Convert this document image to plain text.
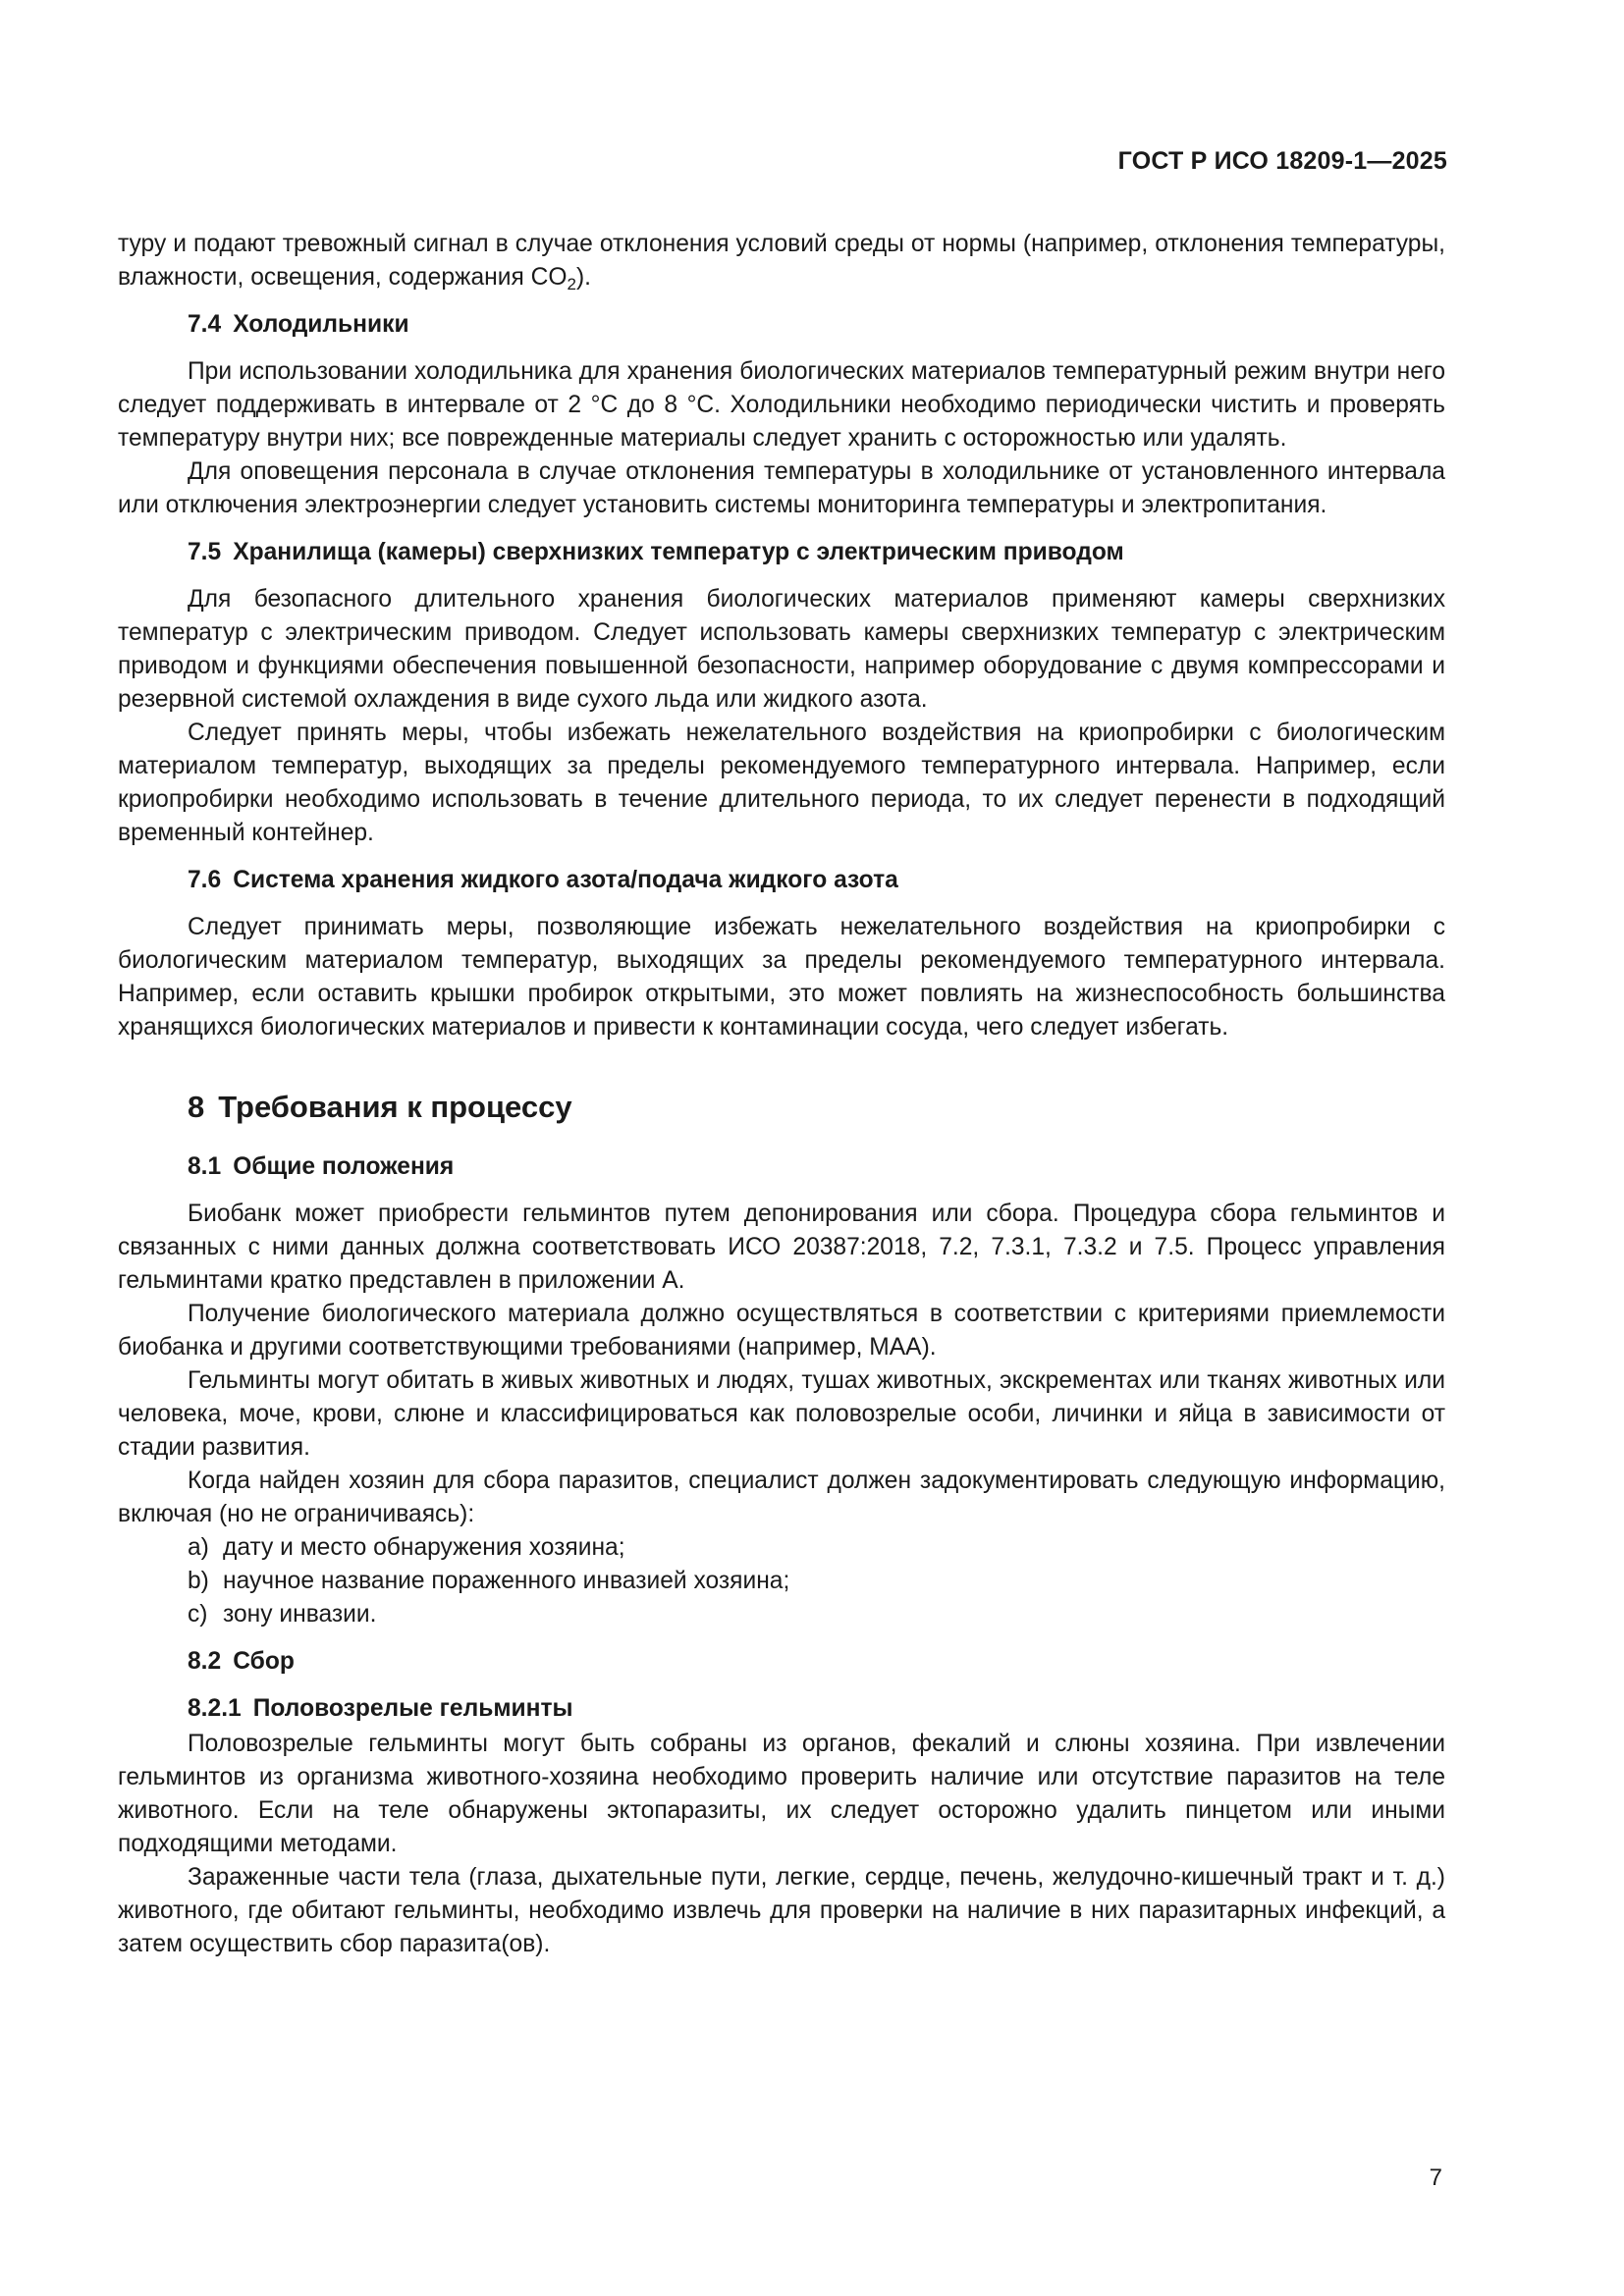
ГОСТ Р ИСО 18209-1—2025

туру и подают тревожный сигнал в случае отклонения условий среды от нормы (например, отклонения температуры, влажности, освещения, содержания $CO_2$).

7.4 Холодильники

При использовании холодильника для хранения биологических материалов температурный режим внутри него следует поддерживать в интервале от 2 °С до 8 °С. Холодильники необходимо периодически чистить и проверять температуру внутри них; все поврежденные материалы следует хранить с осторожностью или удалять.

Для оповещения персонала в случае отклонения температуры в холодильнике от установленного интервала или отключения электроэнергии следует установить системы мониторинга температуры и электропитания.

7.5 Хранилища (камеры) сверхнизких температур с электрическим приводом

Для безопасного длительного хранения биологических материалов применяют камеры сверхнизких температур с электрическим приводом. Следует использовать камеры сверхнизких температур с электрическим приводом и функциями обеспечения повышенной безопасности, например оборудование с двумя компрессорами и резервной системой охлаждения в виде сухого льда или жидкого азота.

Следует принять меры, чтобы избежать нежелательного воздействия на криопробирки с биологическим материалом температур, выходящих за пределы рекомендуемого температурного интервала. Например, если криопробирки необходимо использовать в течение длительного периода, то их следует перенести в подходящий временный контейнер.

7.6 Система хранения жидкого азота/подача жидкого азота

Следует принимать меры, позволяющие избежать нежелательного воздействия на криопробирки с биологическим материалом температур, выходящих за пределы рекомендуемого температурного интервала. Например, если оставить крышки пробирок открытыми, это может повлиять на жизнеспособность большинства хранящихся биологических материалов и привести к контаминации сосуда, чего следует избегать.

8 Требования к процессу
8.1 Общие положения

Биобанк может приобрести гельминтов путем депонирования или сбора. Процедура сбора гельминтов и связанных с ними данных должна соответствовать ИСО 20387:2018, 7.2, 7.3.1, 7.3.2 и 7.5. Процесс управления гельминтами кратко представлен в приложении А.

Получение биологического материала должно осуществляться в соответствии с критериями приемлемости биобанка и другими соответствующими требованиями (например, МАА).

Гельминты могут обитать в живых животных и людях, тушах животных, экскрементах или тканях животных или человека, моче, крови, слюне и классифицироваться как половозрелые особи, личинки и яйца в зависимости от стадии развития.

Когда найден хозяин для сбора паразитов, специалист должен задокументировать следующую информацию, включая (но не ограничиваясь):

a) дату и место обнаружения хозяина;
b) научное название пораженного инвазией хозяина;
c) зону инвазии.
8.2 Сбор
8.2.1 Половозрелые гельминты

Половозрелые гельминты могут быть собраны из органов, фекалий и слюны хозяина. При извлечении гельминтов из организма животного-хозяина необходимо проверить наличие или отсутствие паразитов на теле животного. Если на теле обнаружены эктопаразиты, их следует осторожно удалить пинцетом или иными подходящими методами.

Зараженные части тела (глаза, дыхательные пути, легкие, сердце, печень, желудочно-кишечный тракт и т. д.) животного, где обитают гельминты, необходимо извлечь для проверки на наличие в них паразитарных инфекций, а затем осуществить сбор паразита(ов).

7
